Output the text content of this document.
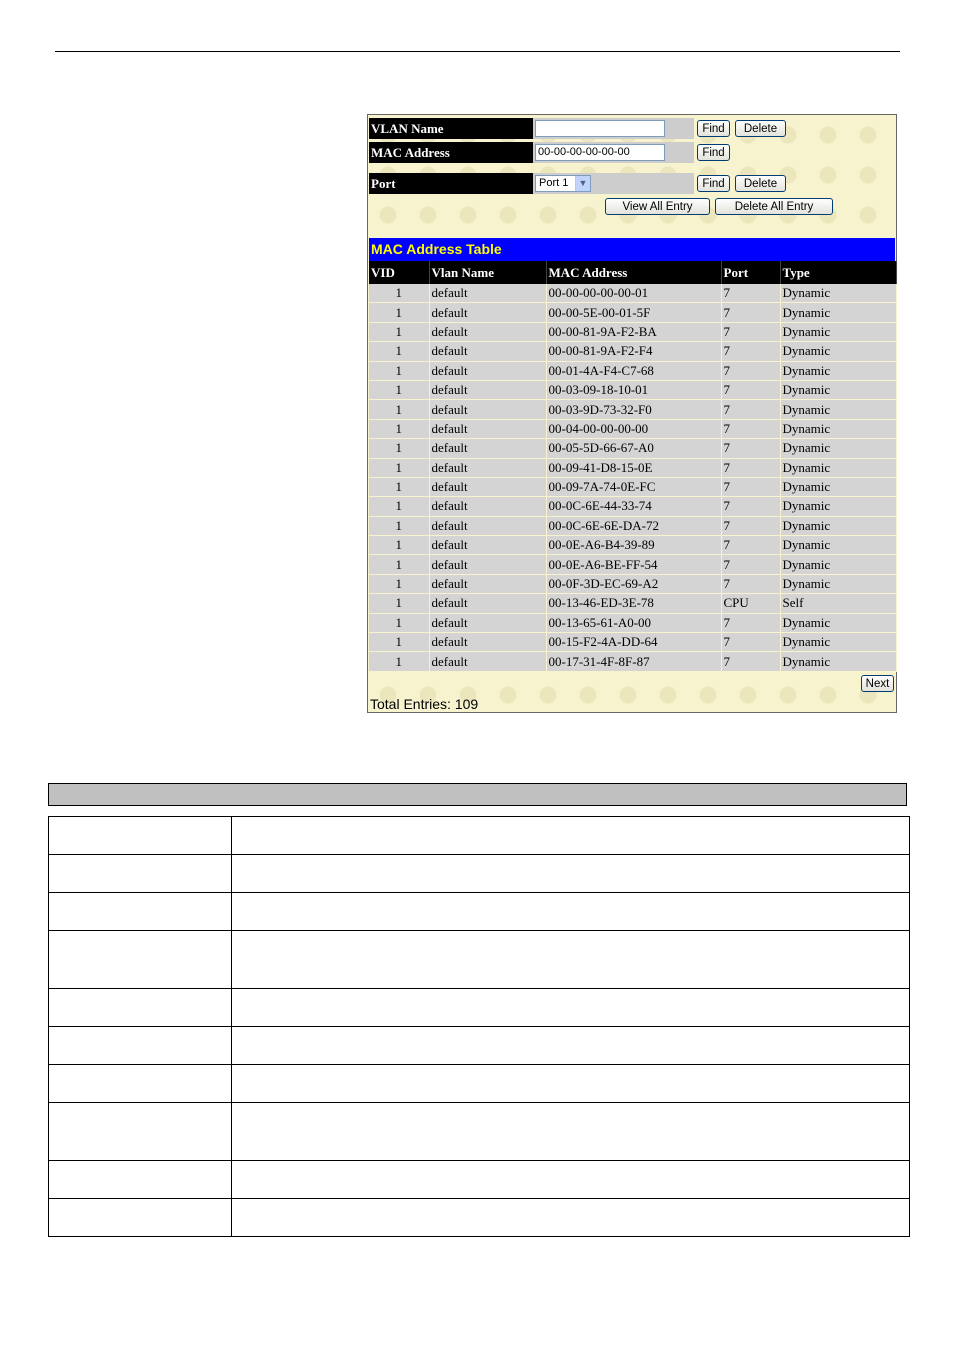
VLAN Name	Find	Delete
MAC Address	00-00-00-00-00-00	Find
Port	Port 1	▼	Find	Delete
View All Entry	Delete All Entry
MAC Address Table
VID	Vlan Name	MAC Address	Port	Type
1	default	00-00-00-00-00-01	7	Dynamic
1	default	00-00-5E-00-01-5F	7	Dynamic
1	default	00-00-81-9A-F2-BA	7	Dynamic
1	default	00-00-81-9A-F2-F4	7	Dynamic
1	default	00-01-4A-F4-C7-68	7	Dynamic
1	default	00-03-09-18-10-01	7	Dynamic
1	default	00-03-9D-73-32-F0	7	Dynamic
1	default	00-04-00-00-00-00	7	Dynamic
1	default	00-05-5D-66-67-A0	7	Dynamic
1	default	00-09-41-D8-15-0E	7	Dynamic
1	default	00-09-7A-74-0E-FC	7	Dynamic
1	default	00-0C-6E-44-33-74	7	Dynamic
1	default	00-0C-6E-6E-DA-72	7	Dynamic
1	default	00-0E-A6-B4-39-89	7	Dynamic
1	default	00-0E-A6-BE-FF-54	7	Dynamic
1	default	00-0F-3D-EC-69-A2	7	Dynamic
1	default	00-13-46-ED-3E-78	CPU	Self
1	default	00-13-65-61-A0-00	7	Dynamic
1	default	00-15-F2-4A-DD-64	7	Dynamic
1	default	00-17-31-4F-8F-87	7	Dynamic
Next
Total Entries: 109
